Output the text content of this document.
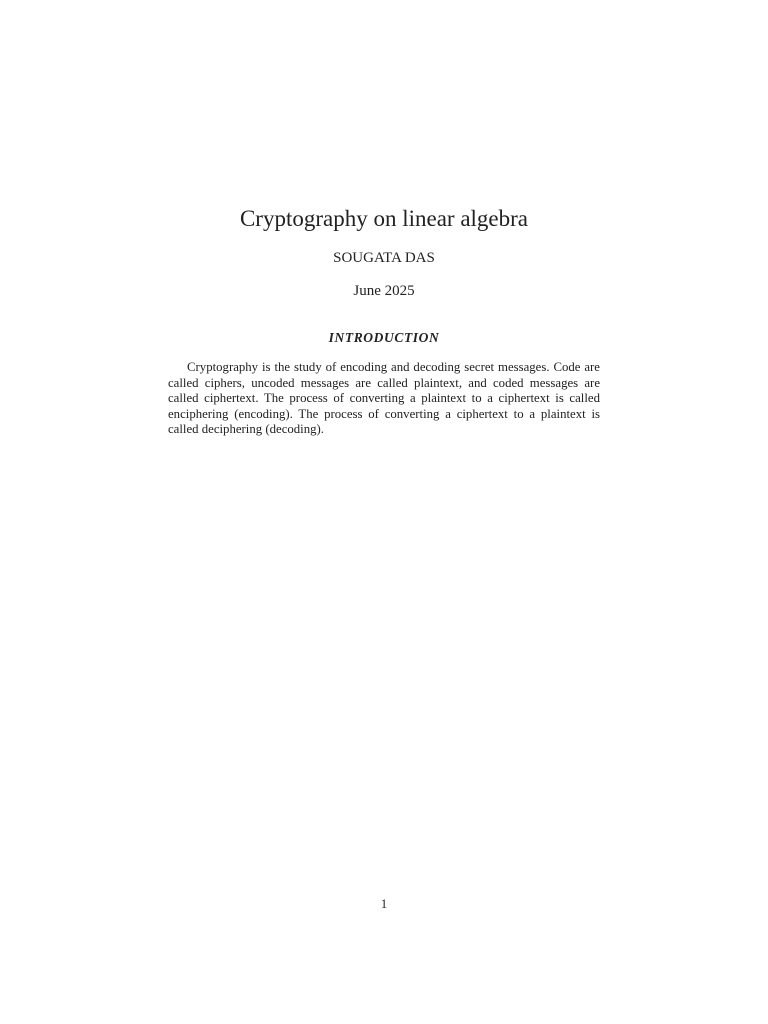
Cryptography on linear algebra
SOUGATA DAS
June 2025
INTRODUCTION

Cryptography is the study of encoding and decoding secret messages. Code are called ciphers, uncoded messages are called plaintext, and coded messages are called ciphertext. The process of converting a plaintext to a ciphertext is called enciphering (encoding). The process of converting a ciphertext to a plaintext is called deciphering (decoding).

1
